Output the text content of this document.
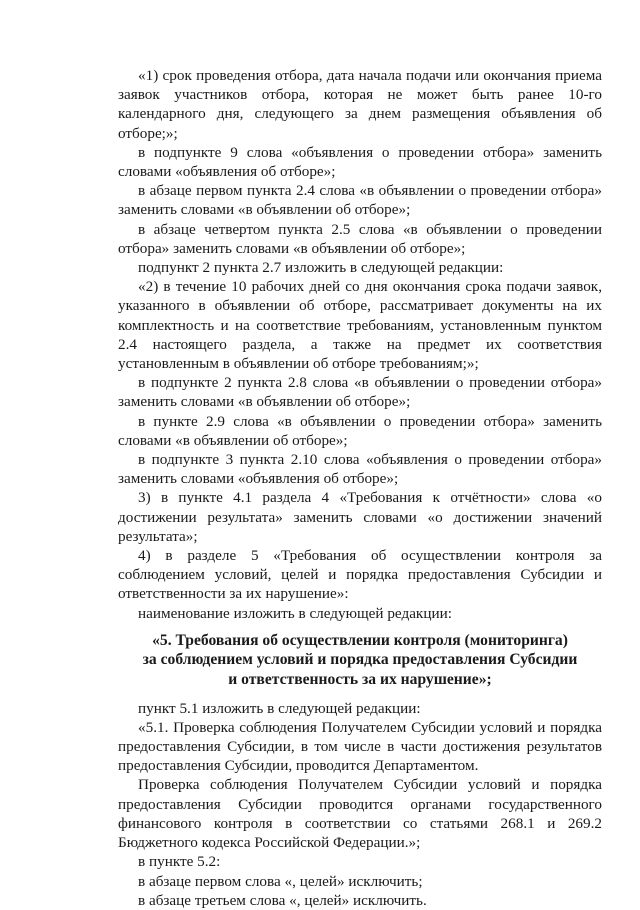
«1) срок проведения отбора, дата начала подачи или окончания приема заявок участников отбора, которая не может быть ранее 10-го календарного дня, следующего за днем размещения объявления об отборе;»;

в подпункте 9 слова «объявления о проведении отбора» заменить словами «объявления об отборе»;

в абзаце первом пункта 2.4 слова «в объявлении о проведении отбора» заменить словами «в объявлении об отборе»;

в абзаце четвертом пункта 2.5 слова «в объявлении о проведении отбора» заменить словами «в объявлении об отборе»;

подпункт 2 пункта 2.7 изложить в следующей редакции:

«2) в течение 10 рабочих дней со дня окончания срока подачи заявок, указанного в объявлении об отборе, рассматривает документы на их комплектность и на соответствие требованиям, установленным пунктом 2.4 настоящего раздела, а также на предмет их соответствия установленным в объявлении об отборе требованиям;»;

в подпункте 2 пункта 2.8 слова «в объявлении о проведении отбора» заменить словами «в объявлении об отборе»;

в пункте 2.9 слова «в объявлении о проведении отбора» заменить словами «в объявлении об отборе»;

в подпункте 3 пункта 2.10 слова «объявления о проведении отбора» заменить словами «объявления об отборе»;

3) в пункте 4.1 раздела 4 «Требования к отчётности» слова «о достижении результата» заменить словами «о достижении значений результата»;

4) в разделе 5 «Требования об осуществлении контроля за соблюдением условий, целей и порядка предоставления Субсидии и ответственности за их нарушение»:

наименование изложить в следующей редакции:

«5. Требования об осуществлении контроля (мониторинга)
за соблюдением условий и порядка предоставления Субсидии
и ответственность за их нарушение»;

пункт 5.1 изложить в следующей редакции:

«5.1. Проверка соблюдения Получателем Субсидии условий и порядка предоставления Субсидии, в том числе в части достижения результатов предоставления Субсидии, проводится Департаментом.

Проверка соблюдения Получателем Субсидии условий и порядка предоставления Субсидии проводится органами государственного финансового контроля в соответствии со статьями 268.1 и 269.2 Бюджетного кодекса Российской Федерации.»;

в пункте 5.2:

в абзаце первом слова «, целей» исключить;

в абзаце третьем слова «, целей» исключить.
